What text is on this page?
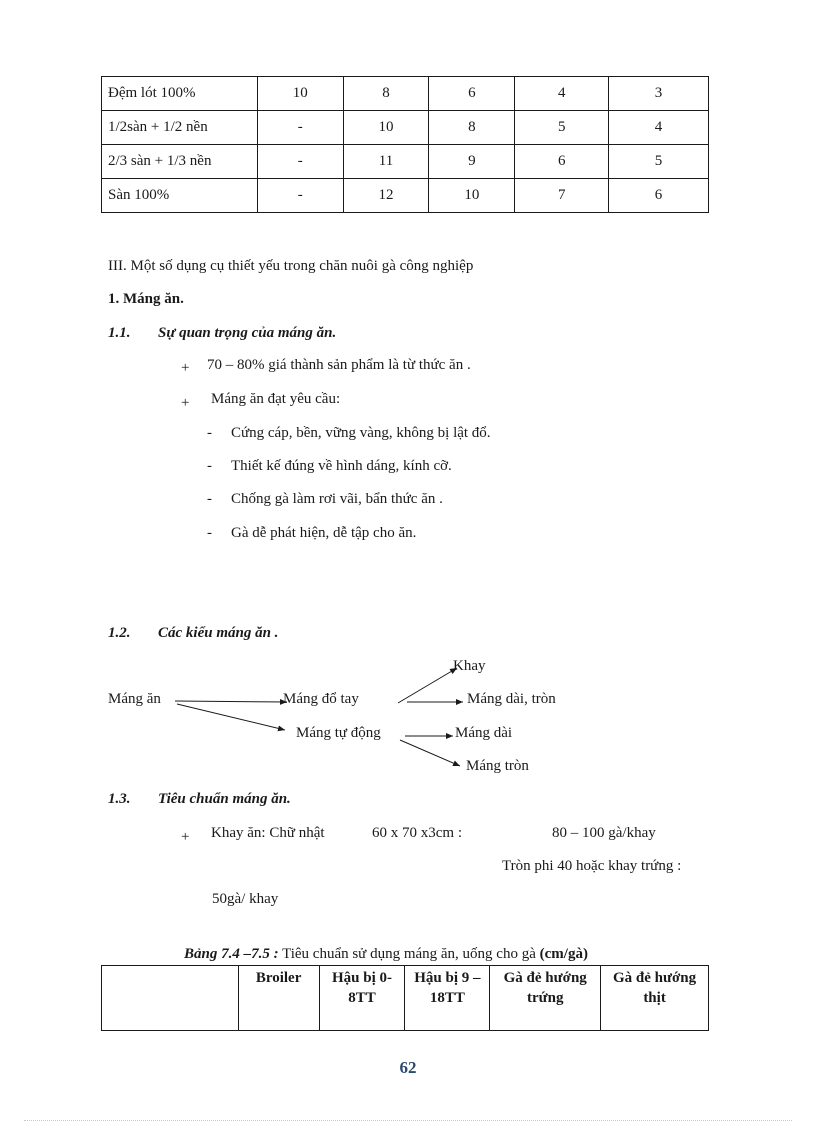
Đệm lót 100%	10	8	6	4	3
1/2sàn + 1/2 nền	-	10	8	5	4
2/3 sàn + 1/3 nền	-	11	9	6	5
Sàn 100%	-	12	10	7	6
III. Một số dụng cụ thiết yếu trong chăn nuôi gà công nghiệp
1. Máng ăn.
1.1. Sự quan trọng của máng ăn.
+ 70 – 80% giá thành sản phẩm là từ thức ăn .
+ Máng ăn đạt yêu cầu:
- Cứng cáp, bền, vững vàng, không bị lật đổ.
- Thiết kế đúng về hình dáng, kính cỡ.
- Chống gà làm rơi vãi, bẩn thức ăn .
- Gà dễ phát hiện, dễ tập cho ăn.
1.2. Các kiểu máng ăn .
Khay
Máng ăn	Máng đổ tay	Máng dài, tròn
Máng tự động	Máng dài
Máng tròn
1.3. Tiêu chuẩn máng ăn.
+ Khay ăn: Chữ nhật	60 x 70 x3cm :	80 – 100 gà/khay
Tròn phi 40 hoặc khay trứng :
50gà/ khay
Bảng 7.4 –7.5 : Tiêu chuẩn sử dụng máng ăn, uống cho gà (cm/gà)
	Broiler	Hậu bị 0- 8TT	Hậu bị 9 – 18TT	Gà đẻ hướng trứng	Gà đẻ hướng thịt
62
